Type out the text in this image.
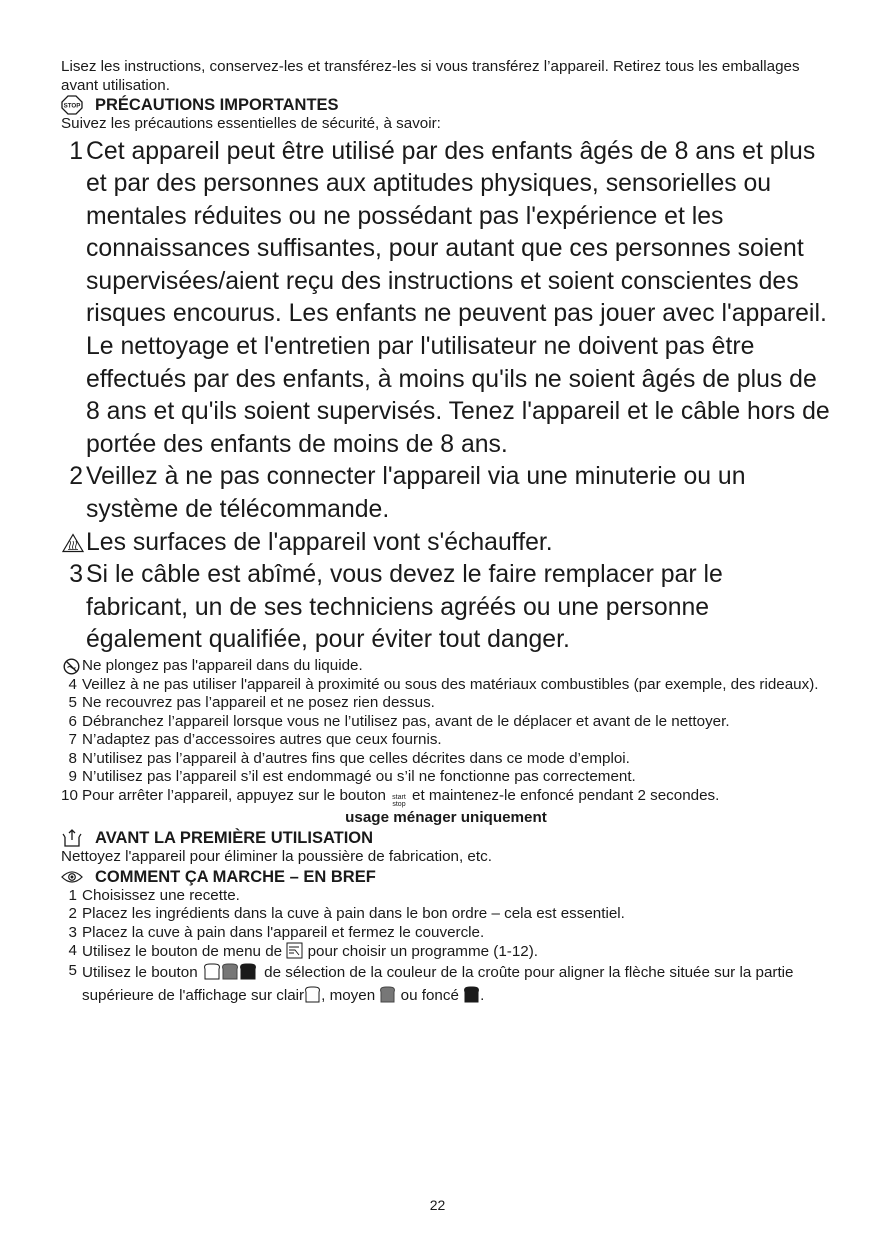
Lisez les instructions, conservez-les et transférez-les si vous transférez l’appareil. Retirez tous les emballages avant utilisation.
STOP PRÉCAUTIONS IMPORTANTES
Suivez les précautions essentielles de sécurité, à savoir:
1 Cet appareil peut être utilisé par des enfants âgés de 8 ans et plus et par des personnes aux aptitudes physiques, sensorielles ou mentales réduites ou ne possédant pas l'expérience et les connaissances suffisantes, pour autant que ces personnes soient supervisées/aient reçu des instructions et soient conscientes des risques encourus. Les enfants ne peuvent pas jouer avec l'appareil. Le nettoyage et l'entretien par l'utilisateur ne doivent pas être effectués par des enfants, à moins qu'ils ne soient âgés de plus de 8 ans et qu'ils soient supervisés. Tenez l'appareil et le câble hors de portée des enfants de moins de 8 ans.
2 Veillez à ne pas connecter l'appareil via une minuterie ou un système de télécommande.
Les surfaces de l'appareil vont s'échauffer.
3 Si le câble est abîmé, vous devez le faire remplacer par le fabricant, un de ses techniciens agréés ou une personne également qualifiée, pour éviter tout danger.
Ne plongez pas l'appareil dans du liquide.
4 Veillez à ne pas utiliser l'appareil à proximité ou sous des matériaux combustibles (par exemple, des rideaux).
5 Ne recouvrez pas l’appareil et ne posez rien dessus.
6 Débranchez l’appareil lorsque vous ne l’utilisez pas, avant de le déplacer et avant de le nettoyer.
7 N’adaptez pas d’accessoires autres que ceux fournis.
8 N’utilisez pas l’appareil à d’autres fins que celles décrites dans ce mode d’emploi.
9 N’utilisez pas l’appareil s’il est endommagé ou s’il ne fonctionne pas correctement.
10 Pour arrêter l’appareil, appuyez sur le bouton start
stop
et maintenez-le enfoncé pendant 2 secondes.
usage ménager uniquement
AVANT LA PREMIÈRE UTILISATION
Nettoyez l'appareil pour éliminer la poussière de fabrication, etc.
COMMENT ÇA MARCHE – EN BREF
1 Choisissez une recette.
2 Placez les ingrédients dans la cuve à pain dans le bon ordre – cela est essentiel.
3 Placez la cuve à pain dans l'appareil et fermez le couvercle.
4 Utilisez le bouton de menu de pour choisir un programme (1-12).
5 Utilisez le bouton	de sélection de la couleur de la croûte pour aligner la flèche située sur la partie supérieure de l'affichage sur clair , moyen ou foncé .
22
